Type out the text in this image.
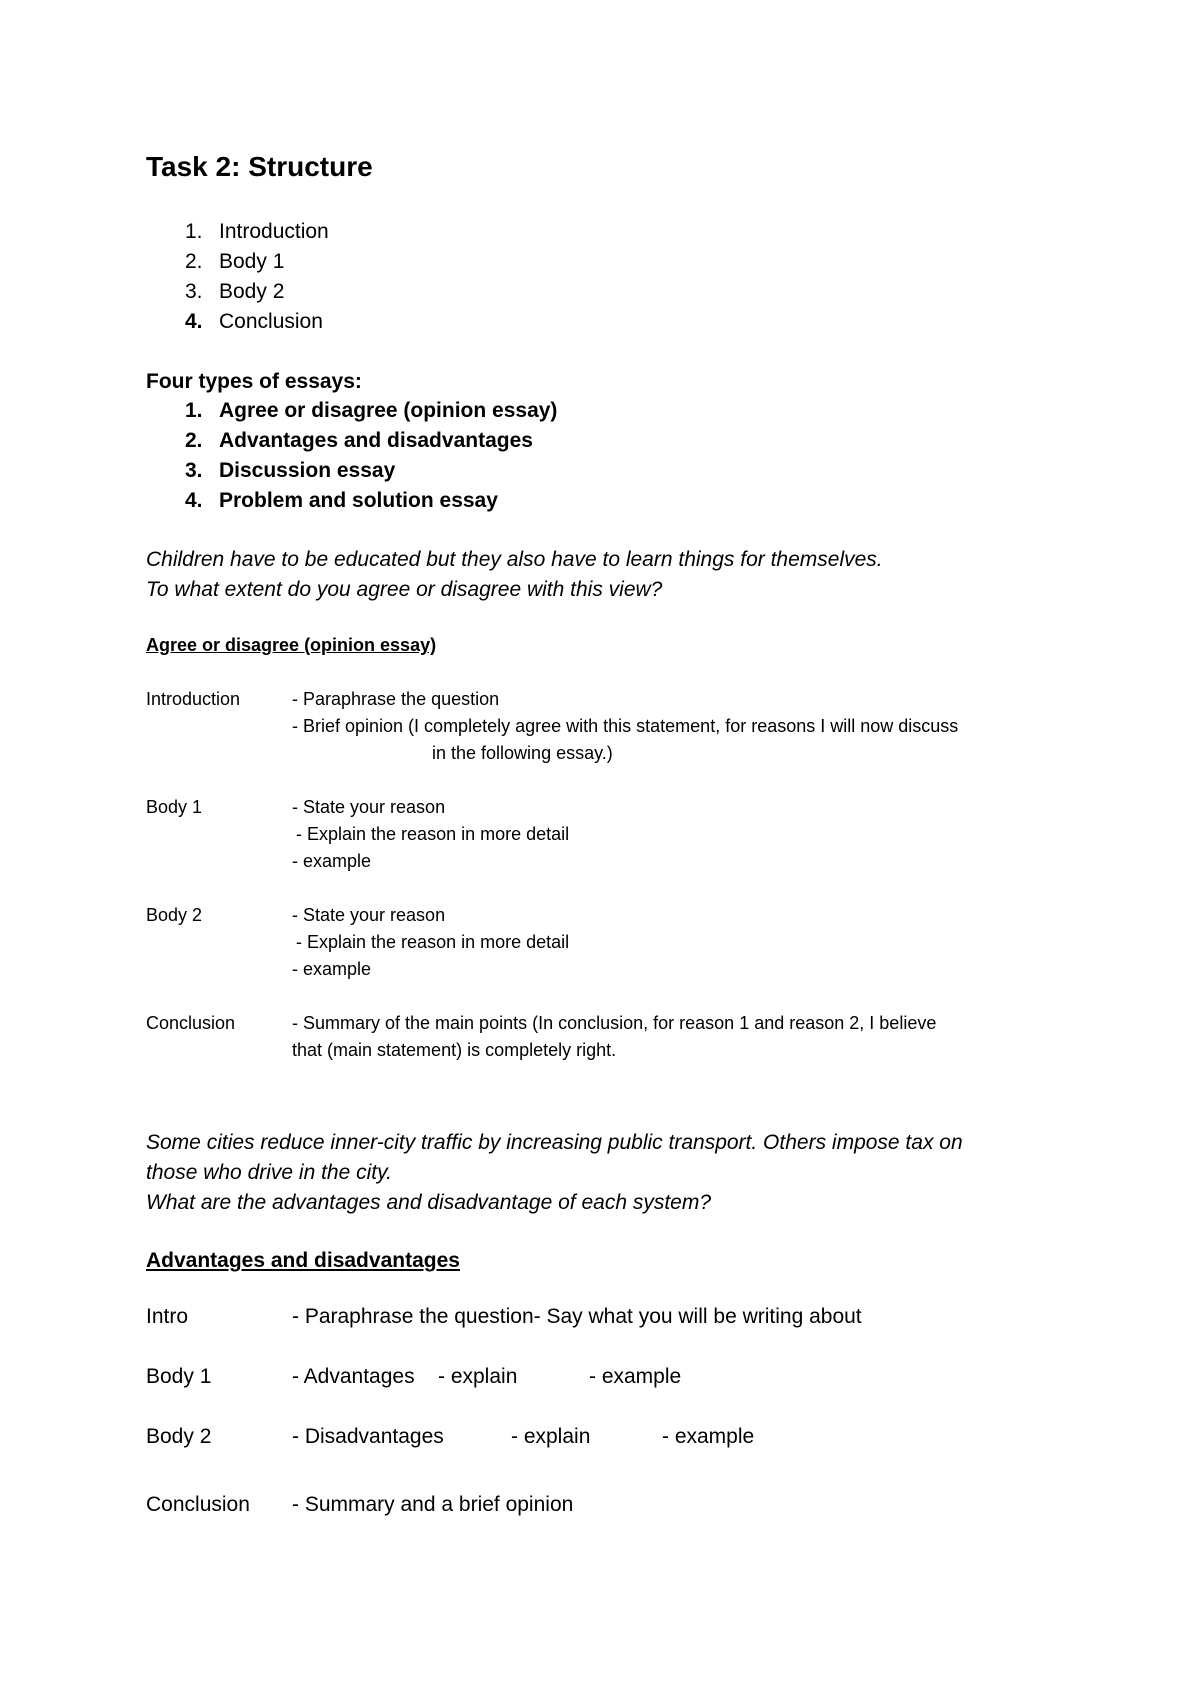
Task 2: Structure
1. Introduction
2. Body 1
3. Body 2
4. Conclusion
Four types of essays:
1. Agree or disagree (opinion essay)
2. Advantages and disadvantages
3. Discussion essay
4. Problem and solution essay
Children have to be educated but they also have to learn things for themselves.
To what extent do you agree or disagree with this view?
Agree or disagree (opinion essay)
Introduction	- Paraphrase the question
- Brief opinion (I completely agree with this statement, for reasons I will now discuss
in the following essay.)
Body 1	- State your reason
- Explain the reason in more detail
- example
Body 2	- State your reason
- Explain the reason in more detail
- example
Conclusion	- Summary of the main points (In conclusion, for reason 1 and reason 2, I believe
that (main statement) is completely right.
Some cities reduce inner-city traffic by increasing public transport. Others impose tax on
those who drive in the city.
What are the advantages and disadvantage of each system?
Advantages and disadvantages
Intro	- Paraphrase the question- Say what you will be writing about
Body 1	- Advantages	- explain	- example
Body 2	- Disadvantages	- explain	- example
Conclusion	- Summary and a brief opinion
